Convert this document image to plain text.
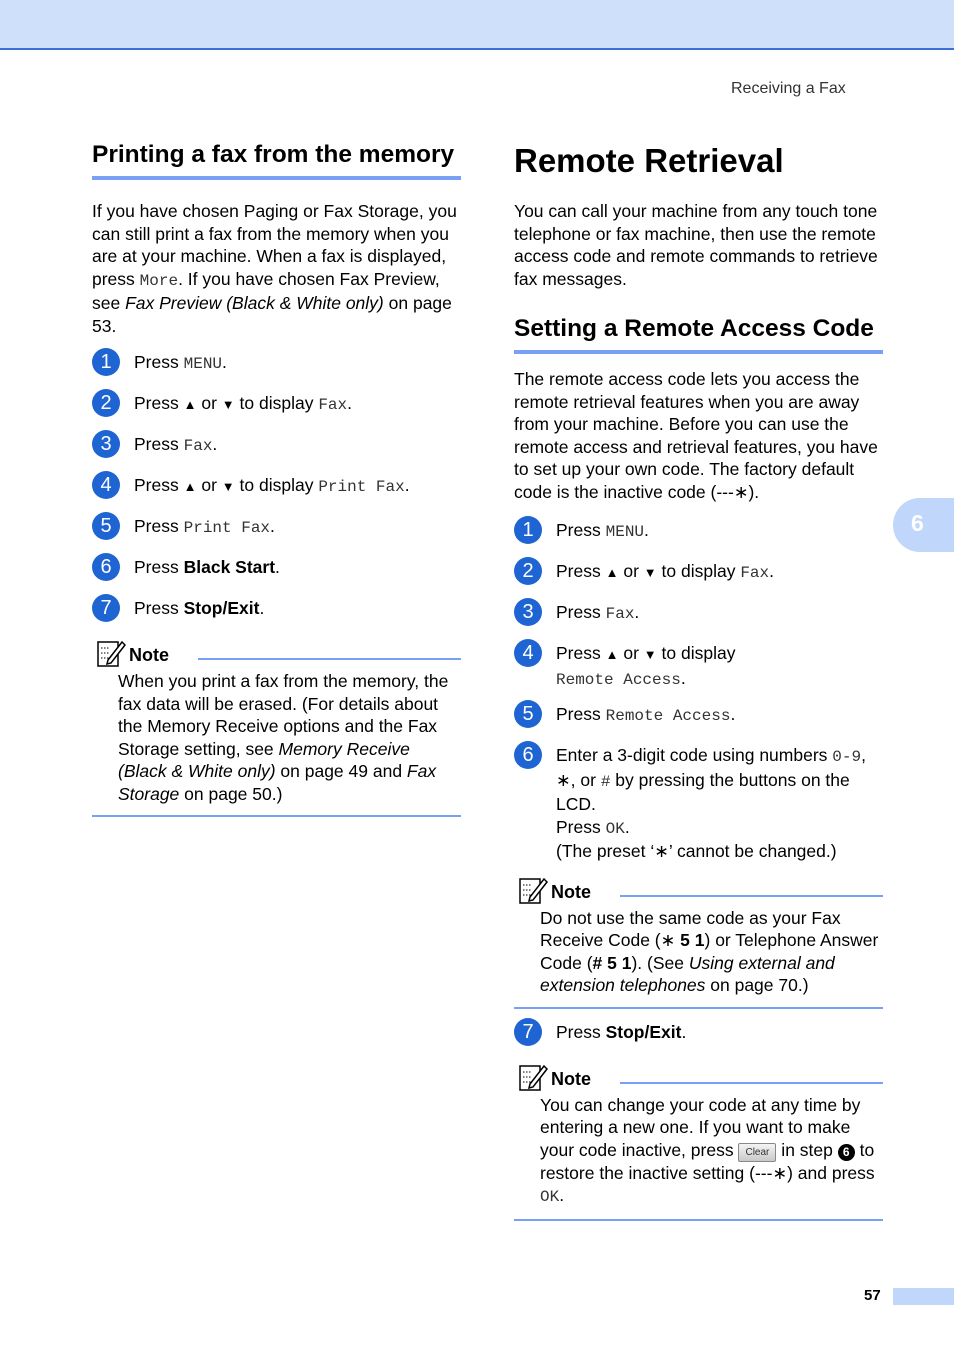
Receiving a Fax
Printing a fax from the memory

If you have chosen Paging or Fax Storage, you can still print a fax from the memory when you are at your machine. When a fax is displayed, press More. If you have chosen Fax Preview, see Fax Preview (Black & White only) on page 53.

1	Press MENU.
2	Press ▲ or ▼ to display Fax.
3	Press Fax.
4	Press ▲ or ▼ to display Print Fax.
5	Press Print Fax.
6	Press Black Start.
7	Press Stop/Exit.
Note
When you print a fax from the memory, the fax data will be erased. (For details about the Memory Receive options and the Fax Storage setting, see Memory Receive (Black & White only) on page 49 and Fax Storage on page 50.)
Remote Retrieval

You can call your machine from any touch tone telephone or fax machine, then use the remote access code and remote commands to retrieve fax messages.

Setting a Remote Access Code

The remote access code lets you access the remote retrieval features when you are away from your machine. Before you can use the remote access and retrieval features, you have to set up your own code. The factory default code is the inactive code (---∗).

1	Press MENU.
2	Press ▲ or ▼ to display Fax.
3	Press Fax.
4	Press ▲ or ▼ to display
Remote Access.
5	Press Remote Access.
6	Enter a 3-digit code using numbers 0-9,
∗, or # by pressing the buttons on the LCD.
Press OK.
(The preset ‘∗’ cannot be changed.)
Note
Do not use the same code as your Fax Receive Code (∗ 5 1) or Telephone Answer Code (# 5 1). (See Using external and extension telephones on page 70.)
7	Press Stop/Exit.
Note
You can change your code at any time by entering a new one. If you want to make your code inactive, press Clear in step 6 to restore the inactive setting (---∗) and press OK.
6
57
